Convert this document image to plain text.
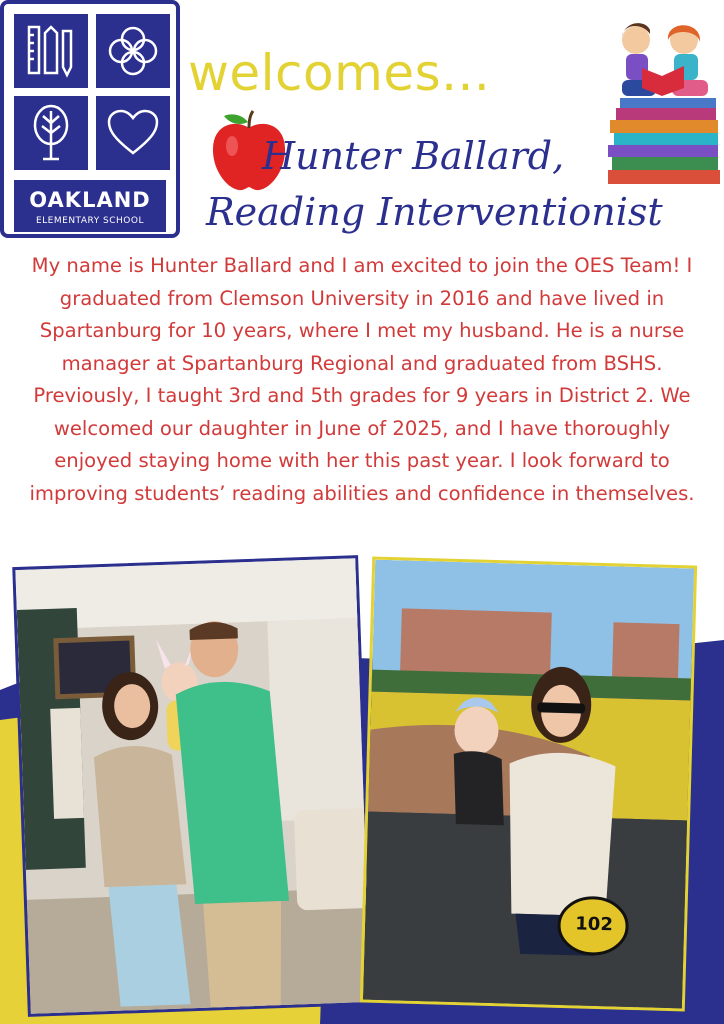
OAKLAND
ELEMENTARY SCHOOL
welcomes...
Hunter Ballard,
Reading Interventionist
My name is Hunter Ballard and I am excited to join the OES Team! I graduated from Clemson University in 2016 and have lived in Spartanburg for 10 years, where I met my husband. He is a nurse manager at Spartanburg Regional and graduated from BSHS. Previously, I taught 3rd and 5th grades for 9 years in District 2. We welcomed our daughter in June of 2025, and I have thoroughly enjoyed staying home with her this past year. I look forward to improving students’ reading abilities and confidence in themselves.
102
